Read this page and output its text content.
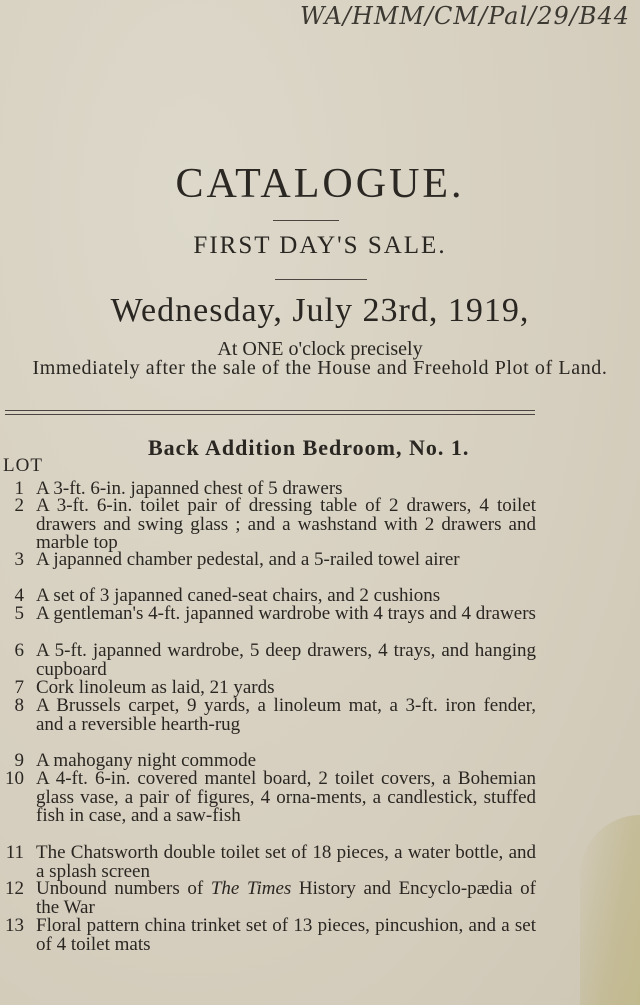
WA/HMM/CM/Pal/29/B44
CATALOGUE.
FIRST DAY'S SALE.
Wednesday, July 23rd, 1919,
At ONE o'clock precisely
Immediately after the sale of the House and Freehold Plot of Land.
Back Addition Bedroom, No. 1.
LOT
1 A 3-ft. 6-in. japanned chest of 5 drawers
2 A 3-ft. 6-in. toilet pair of dressing table of 2 drawers, 4 toilet drawers and swing glass ; and a washstand with 2 drawers and marble top
3 A japanned chamber pedestal, and a 5-railed towel airer
4 A set of 3 japanned caned-seat chairs, and 2 cushions
5 A gentleman's 4-ft. japanned wardrobe with 4 trays and 4 drawers
6 A 5-ft. japanned wardrobe, 5 deep drawers, 4 trays, and hanging cupboard
7 Cork linoleum as laid, 21 yards
8 A Brussels carpet, 9 yards, a linoleum mat, a 3-ft. iron fender, and a reversible hearth-rug
9 A mahogany night commode
10 A 4-ft. 6-in. covered mantel board, 2 toilet covers, a Bohemian glass vase, a pair of figures, 4 orna-ments, a candlestick, stuffed fish in case, and a saw-fish
11 The Chatsworth double toilet set of 18 pieces, a water bottle, and a splash screen
12 Unbound numbers of The Times History and Encyclo-pædia of the War
13 Floral pattern china trinket set of 13 pieces, pincushion, and a set of 4 toilet mats
